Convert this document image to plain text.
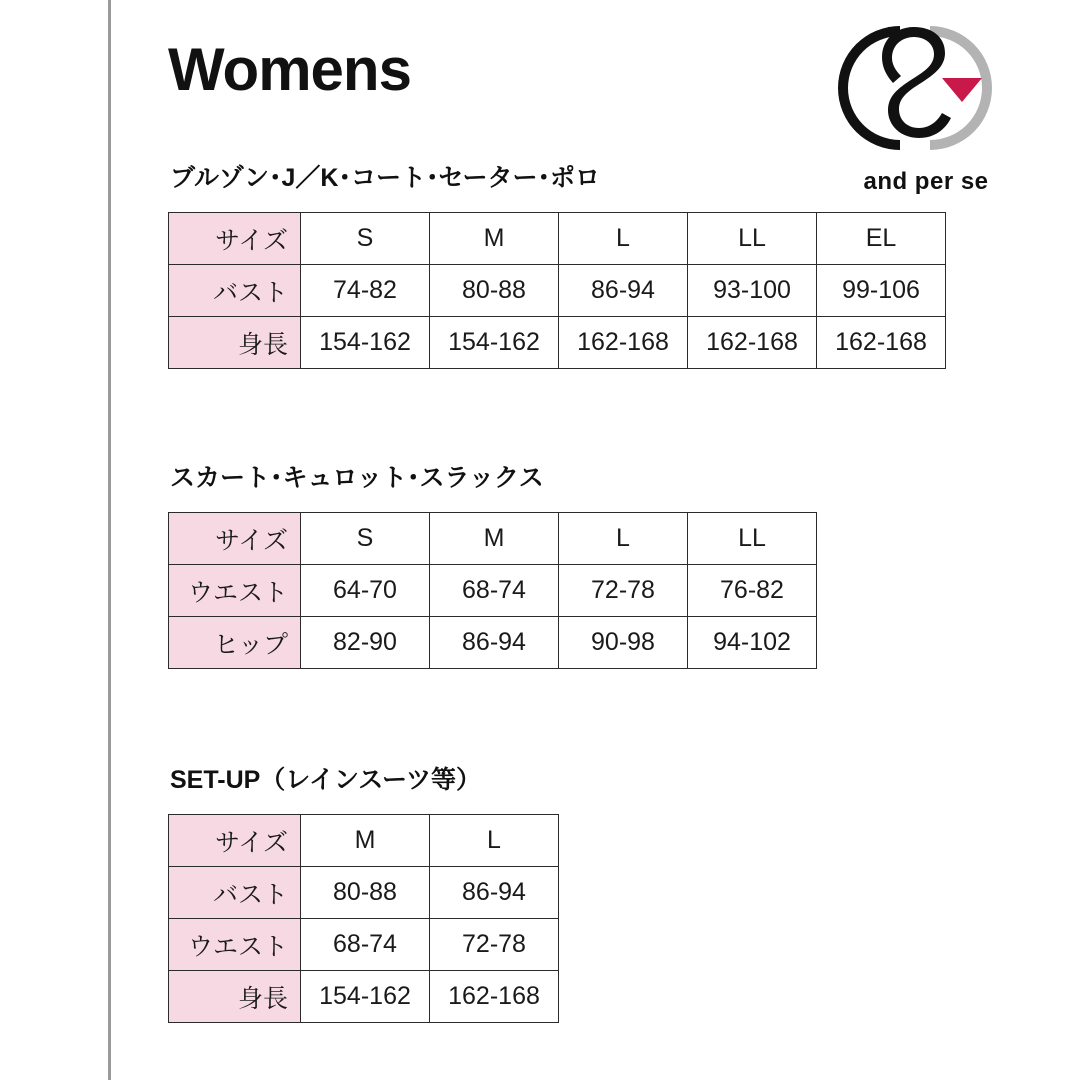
Womens
and per se
ブルゾン･J／K･コート･セーター･ポロ
サイズ	S	M	L	LL	EL
バスト	74-82	80-88	86-94	93-100	99-106
身長	154-162	154-162	162-168	162-168	162-168
スカート･キュロット･スラックス
サイズ	S	M	L	LL
ウエスト	64-70	68-74	72-78	76-82
ヒップ	82-90	86-94	90-98	94-102
SET-UP（レインスーツ等）
サイズ	M	L
バスト	80-88	86-94
ウエスト	68-74	72-78
身長	154-162	162-168
